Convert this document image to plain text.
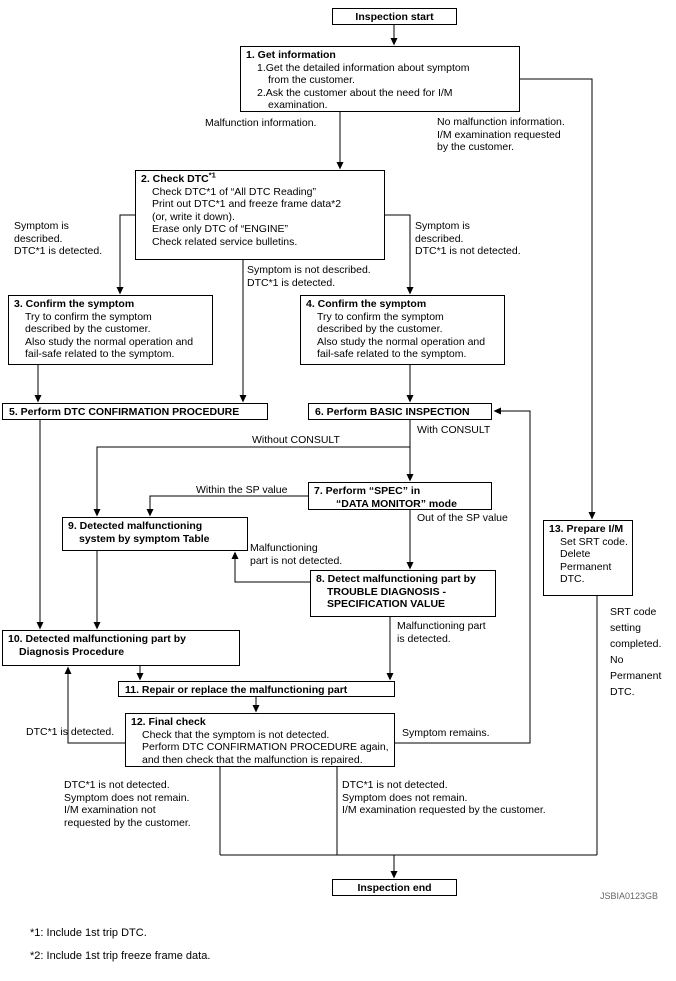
Inspection start
Inspection end
1. Get information
1.Get the detailed information about symptom
from the customer.
2.Ask the customer about the need for I/M
examination.
2. Check DTC$^{*1}$
Check DTC*1 of “All DTC Reading”
Print out DTC*1 and freeze frame data*2
(or, write it down).
Erase only DTC of “ENGINE”
Check related service bulletins.
3. Confirm the symptom
Try to confirm the symptom
described by the customer.
Also study the normal operation and
fail-safe related to the symptom.
4. Confirm the symptom
Try to confirm the symptom
described by the customer.
Also study the normal operation and
fail-safe related to the symptom.
5. Perform DTC CONFIRMATION PROCEDURE	6. Perform BASIC INSPECTION
7. Perform “SPEC” in
“DATA MONITOR” mode
8. Detect malfunctioning part by
TROUBLE DIAGNOSIS -
SPECIFICATION VALUE
9. Detected malfunctioning
system by symptom Table
10. Detected malfunctioning part by
Diagnosis Procedure
11. Repair or replace the malfunctioning part
12. Final check
Check that the symptom is not detected.
Perform DTC CONFIRMATION PROCEDURE again,
and then check that the malfunction is repaired.
13. Prepare I/M
Set SRT code.
Delete
Permanent
DTC.
Malfunction information.	No malfunction information.
I/M examination requested
by the customer.
Symptom is
described.
DTC*1 is detected.
Symptom is
described.
DTC*1 is not detected.
Symptom is not described.
DTC*1 is detected.
Without CONSULT
With CONSULT
Within the SP value
Out of the SP value
Malfunctioning
part is not detected.
Malfunctioning part
is detected.
DTC*1 is detected.	Symptom remains.
DTC*1 is not detected.
Symptom does not remain.
I/M examination not
requested by the customer.
DTC*1 is not detected.
Symptom does not remain.
I/M examination requested by the customer.
SRT code
setting
completed.
No
Permanent
DTC.
JSBIA0123GB
*1: Include 1st trip DTC.
*2: Include 1st trip freeze frame data.
